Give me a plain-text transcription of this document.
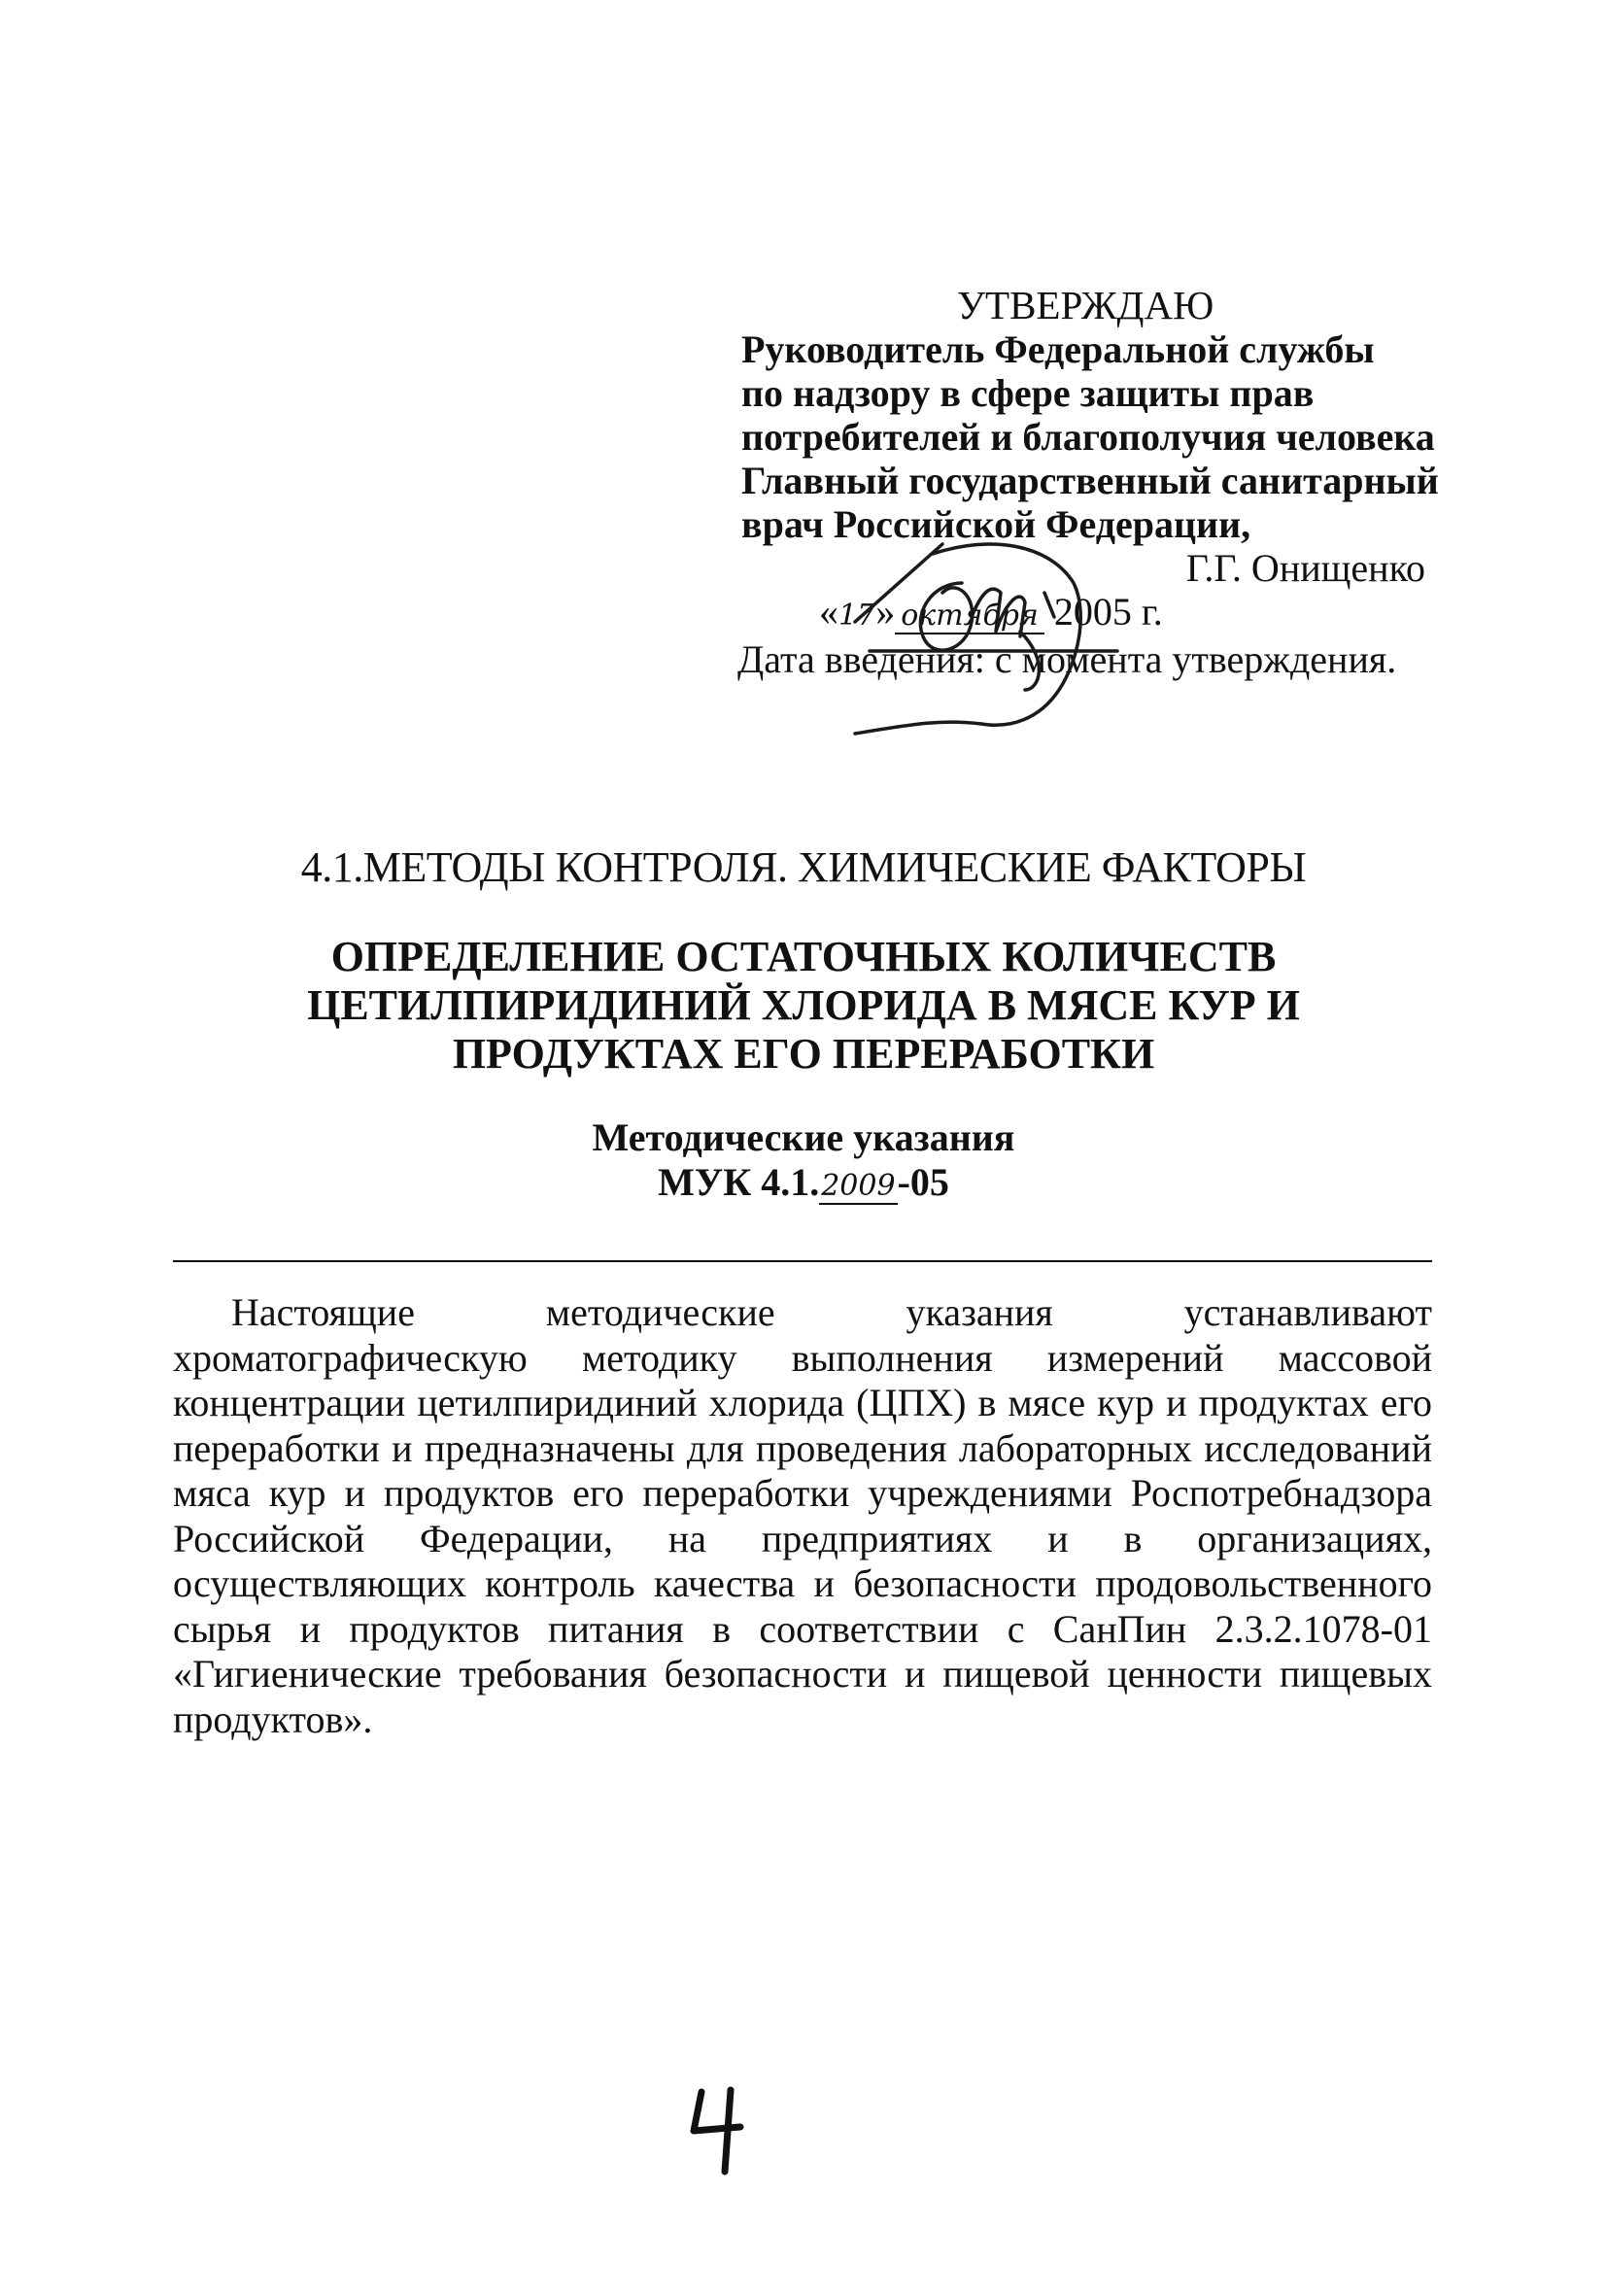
УТВЕРЖДАЮ
Руководитель Федеральной службы
по надзору в сфере защиты прав
потребителей и благополучия человека
Главный государственный санитарный
врач Российской Федерации,
Г.Г. Онищенко
«17» октября 2005 г.
Дата введения: с момента утверждения.
4.1.МЕТОДЫ КОНТРОЛЯ. ХИМИЧЕСКИЕ ФАКТОРЫ
ОПРЕДЕЛЕНИЕ ОСТАТОЧНЫХ КОЛИЧЕСТВ
ЦЕТИЛПИРИДИНИЙ ХЛОРИДА В МЯСЕ КУР И
ПРОДУКТАХ ЕГО ПЕРЕРАБОТКИ
Методические указания
МУК 4.1.2009-05
Настоящие методические указания устанавливают хроматографическую методику выполнения измерений массовой концентрации цетилпиридиний хлорида (ЦПХ) в мясе кур и продуктах его переработки и предназначены для проведения лабораторных исследований мяса кур и продуктов его переработки учреждениями Роспотребнадзора Российской Федерации, на предприятиях и в организациях, осуществляющих контроль качества и безопасности продовольственного сырья и продуктов питания в соответствии с СанПин 2.3.2.1078-01 «Гигиенические требования безопасности и пищевой ценности пищевых продуктов».
